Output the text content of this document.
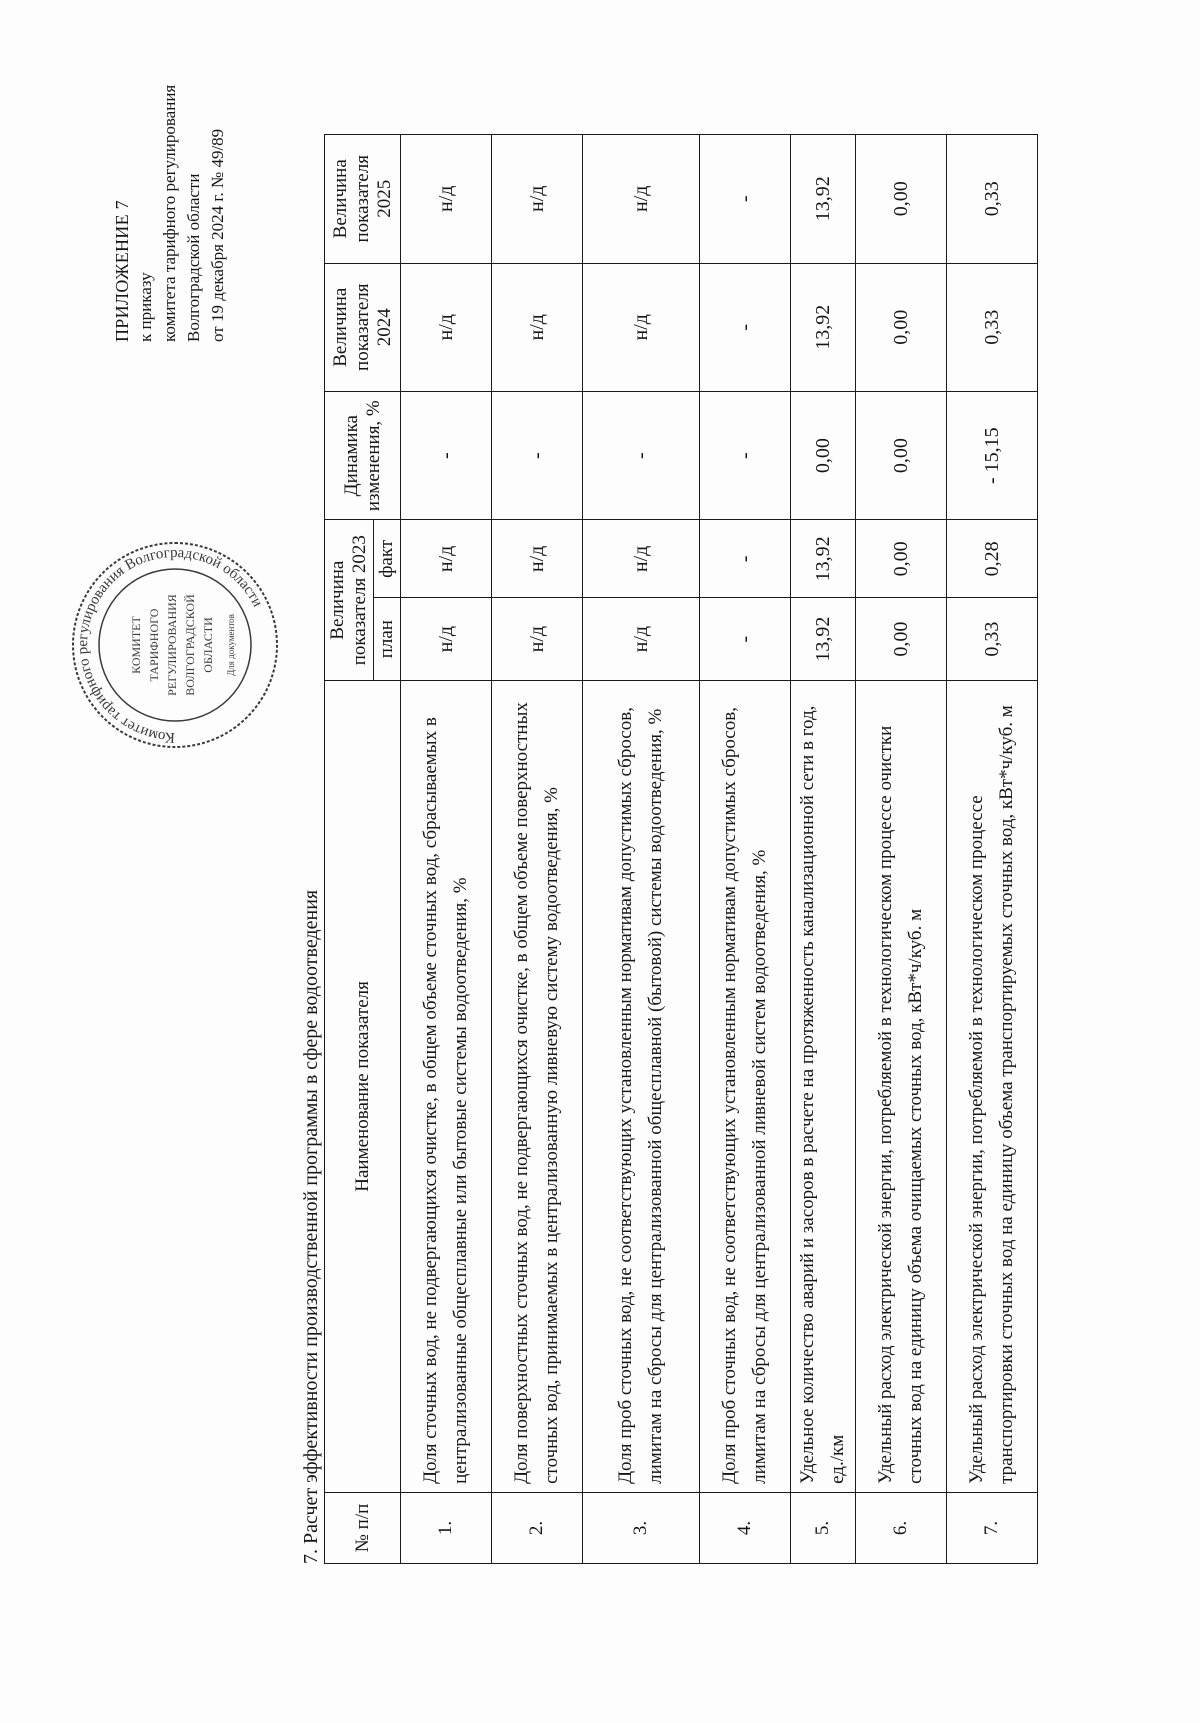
Комитет тарифного регулирования Волгоградской области
КОМИТЕТ ТАРИФНОГО РЕГУЛИРОВАНИЯ ВОЛГОГРАДСКОЙ ОБЛАСТИ Для документов
ПРИЛОЖЕНИЕ 7 к приказу комитета тарифного регулирования Волгоградской области от 19 декабря 2024 г. № 49/89
7. Расчет эффективности производственной программы в сфере водоотведения № п/п	Наименование показателя	Величина показателя 2023		Динамика изменения, %	Величина показателя 2024	Величина показателя 2025
		план	факт			
1.	Доля сточных вод, не подвергающихся очистке, в общем объеме сточных вод, сбрасываемых в централизованные общесплавные или бытовые системы водоотведения, %	н/д	н/д	-	н/д	н/д
2.	Доля поверхностных сточных вод, не подвергающихся очистке, в общем объеме поверхностных сточных вод, принимаемых в централизованную ливневую систему водоотведения, %	н/д	н/д	-	н/д	н/д
3.	Доля проб сточных вод, не соответствующих установленным нормативам допустимых сбросов, лимитам на сбросы для централизованной общесплавной (бытовой) системы водоотведения, %	н/д	н/д	-	н/д	н/д
4.	Доля проб сточных вод, не соответствующих установленным нормативам допустимых сбросов, лимитам на сбросы для централизованной ливневой систем водоотведения, %	-	-	-	-	-
5.	Удельное количество аварий и засоров в расчете на протяженность канализационной сети в год, ед./км	13,92	13,92	0,00	13,92	13,92
6.	Удельный расход электрической энергии, потребляемой в технологическом процессе очистки сточных вод на единицу объема очищаемых сточных вод, кВт*ч/куб. м	0,00	0,00	0,00	0,00	0,00
7.	Удельный расход электрической энергии, потребляемой в технологическом процессе транспортировки сточных вод на единицу объема транспортируемых сточных вод, кВт*ч/куб. м	0,33	0,28	- 15,15	0,33	0,33
